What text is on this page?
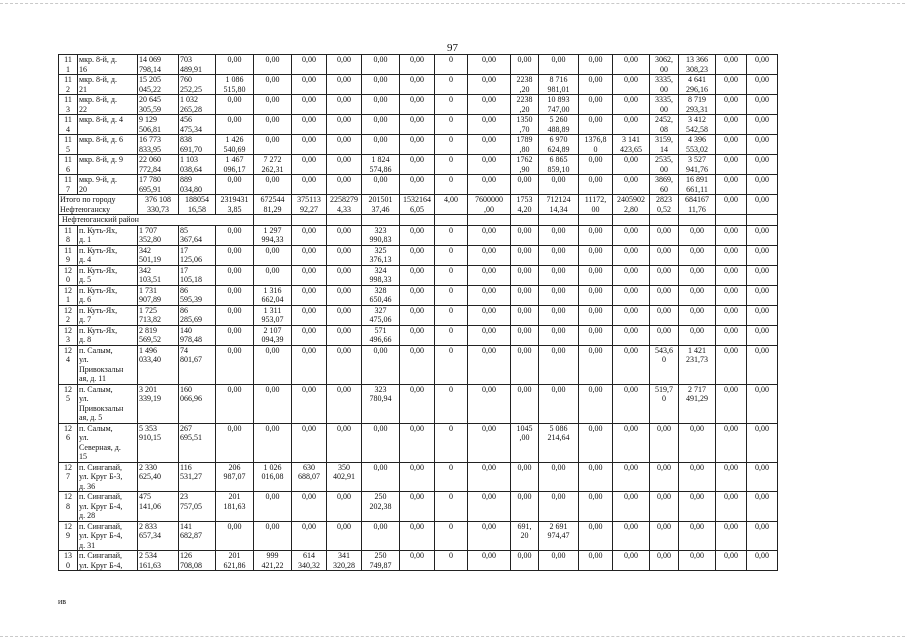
97
11
1	мкр. 8-й, д.
16	14 069
798,14	703
489,91	0,00	0,00	0,00	0,00	0,00	0,00	0	0,00	0,00	0,00	0,00	0,00	3062,
00	13 366
308,23	0,00	0,00

11
2	мкр. 8-й, д.
21	15 205
045,22	760
252,25	1 086
515,80	0,00	0,00	0,00	0,00	0,00	0	0,00	2238
,20	8 716
981,01	0,00	0,00	3335,
00	4 641
296,16	0,00	0,00

11
3	мкр. 8-й, д.
22	20 645
305,59	1 032
265,28	0,00	0,00	0,00	0,00	0,00	0,00	0	0,00	2238
,20	10 893
747,00	0,00	0,00	3335,
00	8 719
293,31	0,00	0,00

11
4	мкр. 8-й, д. 4	9 129
506,81	456
475,34	0,00	0,00	0,00	0,00	0,00	0,00	0	0,00	1350
,70	5 260
488,89	0,00	0,00	2452,
08	3 412
542,58	0,00	0,00

11
5	мкр. 8-й, д. 6	16 773
833,95	838
691,70	1 426
540,69	0,00	0,00	0,00	0,00	0,00	0	0,00	1789
,80	6 970
624,89	1376,8
0	3 141
423,65	3159,
14	4 396
553,02	0,00	0,00

11
6	мкр. 8-й, д. 9	22 060
772,84	1 103
038,64	1 467
096,17	7 272
262,31	0,00	0,00	1 824
574,86	0,00	0	0,00	1762
,90	6 865
859,10	0,00	0,00	2535,
00	3 527
941,76	0,00	0,00

11
7	мкр. 9-й, д.
20	17 780
695,91	889
034,80	0,00	0,00	0,00	0,00	0,00	0,00	0	0,00	0,00	0,00	0,00	0,00	3869,
60	16 891
661,11	0,00	0,00

Итого по городу
Нефтеюганску		376 108
330,73	188054
16,58	2319431
3,85	672544
81,29	375113
92,27	2258279
4,33	201501
37,46	1532164
6,05	4,00	7600000
,00	1753
4,20	712124
14,34	11172,
00	2405902
2,80	2823
0,52	684167
11,76	0,00	0,00

Нефтеюганский район																			

11
8	п. Куть-Ях,
д. 1	1 707
352,80	85
367,64	0,00	1 297
994,33	0,00	0,00	323
990,83	0,00	0	0,00	0,00	0,00	0,00	0,00	0,00	0,00	0,00	0,00

11
9	п. Куть-Ях,
д. 4	342
501,19	17
125,06	0,00	0,00	0,00	0,00	325
376,13	0,00	0	0,00	0,00	0,00	0,00	0,00	0,00	0,00	0,00	0,00

12
0	п. Куть-Ях,
д. 5	342
103,51	17
105,18	0,00	0,00	0,00	0,00	324
998,33	0,00	0	0,00	0,00	0,00	0,00	0,00	0,00	0,00	0,00	0,00

12
1	п. Куть-Ях,
д. 6	1 731
907,89	86
595,39	0,00	1 316
662,04	0,00	0,00	328
650,46	0,00	0	0,00	0,00	0,00	0,00	0,00	0,00	0,00	0,00	0,00

12
2	п. Куть-Ях,
д. 7	1 725
713,82	86
285,69	0,00	1 311
953,07	0,00	0,00	327
475,06	0,00	0	0,00	0,00	0,00	0,00	0,00	0,00	0,00	0,00	0,00

12
3	п. Куть-Ях,
д. 8	2 819
569,52	140
978,48	0,00	2 107
094,39	0,00	0,00	571
496,66	0,00	0	0,00	0,00	0,00	0,00	0,00	0,00	0,00	0,00	0,00

12
4	п. Салым,
ул.
Привокзальн
ая, д. 11	1 496
033,40	74
801,67	0,00	0,00	0,00	0,00	0,00	0,00	0	0,00	0,00	0,00	0,00	0,00	543,6
0	1 421
231,73	0,00	0,00

12
5	п. Салым,
ул.
Привокзальн
ая, д. 5	3 201
339,19	160
066,96	0,00	0,00	0,00	0,00	323
780,94	0,00	0	0,00	0,00	0,00	0,00	0,00	519,7
0	2 717
491,29	0,00	0,00

12
6	п. Салым,
ул.
Северная, д.
15	5 353
910,15	267
695,51	0,00	0,00	0,00	0,00	0,00	0,00	0	0,00	1045
,00	5 086
214,64	0,00	0,00	0,00	0,00	0,00	0,00

12
7	п. Сингапай,
ул. Круг Б-3,
д. 36	2 330
625,40	116
531,27	206
987,07	1 026
016,08	630
688,07	350
402,91	0,00	0,00	0	0,00	0,00	0,00	0,00	0,00	0,00	0,00	0,00	0,00

12
8	п. Сингапай,
ул. Круг Б-4,
д. 28	475
141,06	23
757,05	201
181,63	0,00	0,00	0,00	250
202,38	0,00	0	0,00	0,00	0,00	0,00	0,00	0,00	0,00	0,00	0,00

12
9	п. Сингапай,
ул. Круг Б-4,
д. 31	2 833
657,34	141
682,87	0,00	0,00	0,00	0,00	0,00	0,00	0	0,00	691,
20	2 691
974,47	0,00	0,00	0,00	0,00	0,00	0,00

13
0	п. Сингапай,
ул. Круг Б-4,	2 534
161,63	126
708,08	201
621,86	999
421,22	614
340,32	341
320,28	250
749,87	0,00	0	0,00	0,00	0,00	0,00	0,00	0,00	0,00	0,00	0,00
ив
